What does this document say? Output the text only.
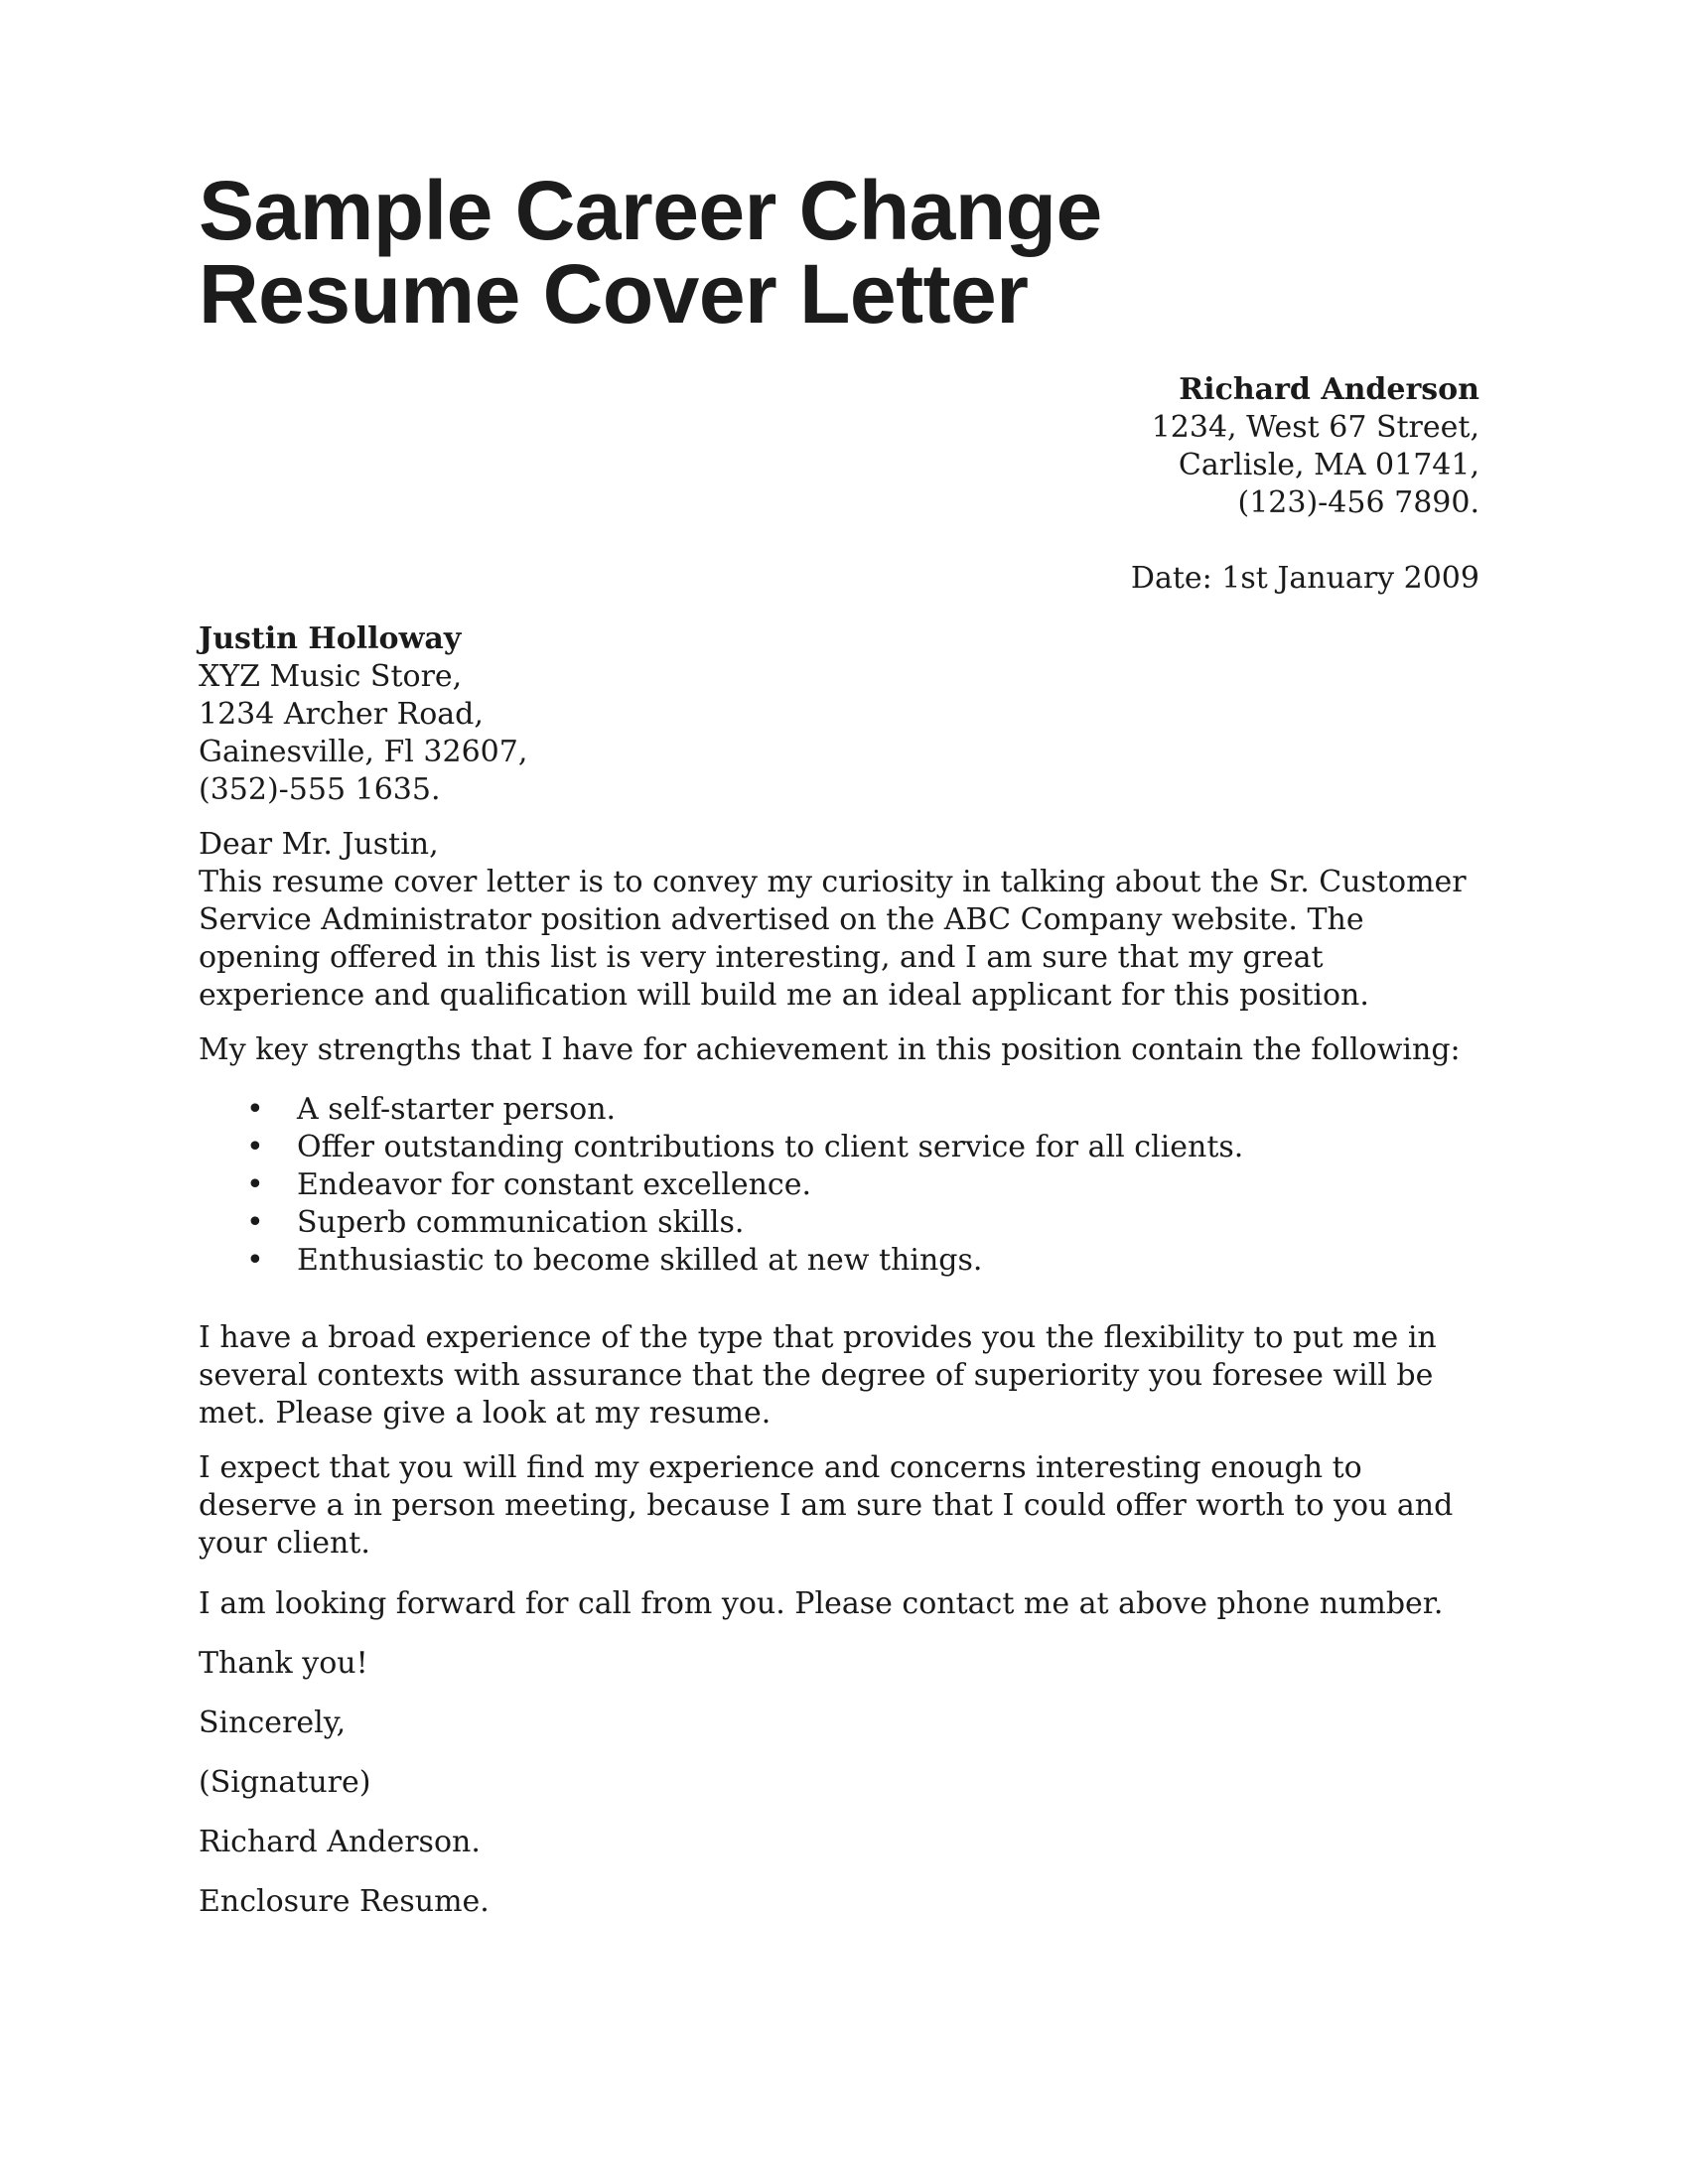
Sample Career Change
Resume Cover Letter
Richard Anderson
1234, West 67 Street,
Carlisle, MA 01741,
(123)-456 7890.
Date: 1st January 2009
Justin Holloway
XYZ Music Store,
1234 Archer Road,
Gainesville, Fl 32607,
(352)-555 1635.
Dear Mr. Justin,

This resume cover letter is to convey my curiosity in talking about the Sr. Customer Service Administrator position advertised on the ABC Company website. The opening offered in this list is very interesting, and I am sure that my great experience and qualification will build me an ideal applicant for this position.

My key strengths that I have for achievement in this position contain the following:

• A self-starter person.
• Offer outstanding contributions to client service for all clients.
• Endeavor for constant excellence.
• Superb communication skills.
• Enthusiastic to become skilled at new things.

I have a broad experience of the type that provides you the flexibility to put me in several contexts with assurance that the degree of superiority you foresee will be met. Please give a look at my resume.

I expect that you will find my experience and concerns interesting enough to deserve a in person meeting, because I am sure that I could offer worth to you and your client.

I am looking forward for call from you. Please contact me at above phone number.

Thank you!

Sincerely,

(Signature)

Richard Anderson.

Enclosure Resume.
